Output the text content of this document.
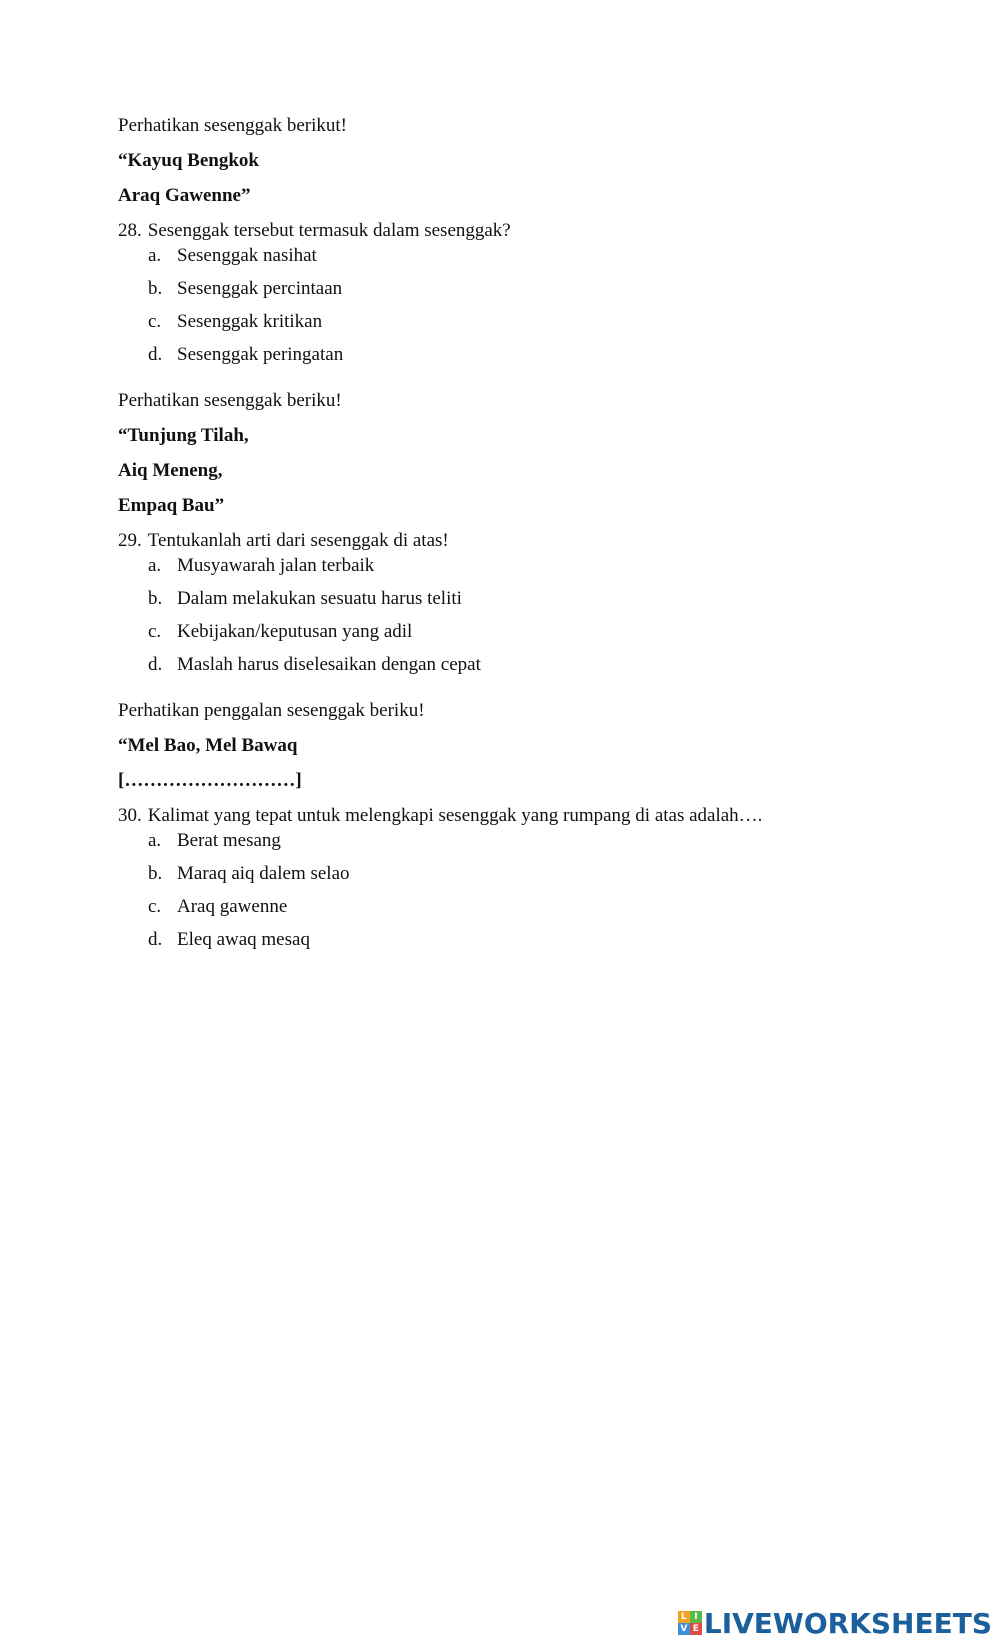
Perhatikan sesenggak berikut!
“Kayuq Bengkok
Araq Gawenne”
28. Sesenggak tersebut termasuk dalam sesenggak?
a. Sesenggak nasihat
b. Sesenggak percintaan
c. Sesenggak kritikan
d. Sesenggak peringatan
Perhatikan sesenggak beriku!
“Tunjung Tilah,
Aiq Meneng,
Empaq Bau”
29. Tentukanlah arti dari sesenggak di atas!
a. Musyawarah jalan terbaik
b. Dalam melakukan sesuatu harus teliti
c. Kebijakan/keputusan yang adil
d. Maslah harus diselesaikan dengan cepat
Perhatikan penggalan sesenggak beriku!
“Mel Bao, Mel Bawaq
[………………………]
30. Kalimat yang tepat untuk melengkapi sesenggak yang rumpang di atas adalah….
a. Berat mesang
b. Maraq aiq dalem selao
c. Araq gawenne
d. Eleq awaq mesaq
L I
V E LIVEWORKSHEETS
